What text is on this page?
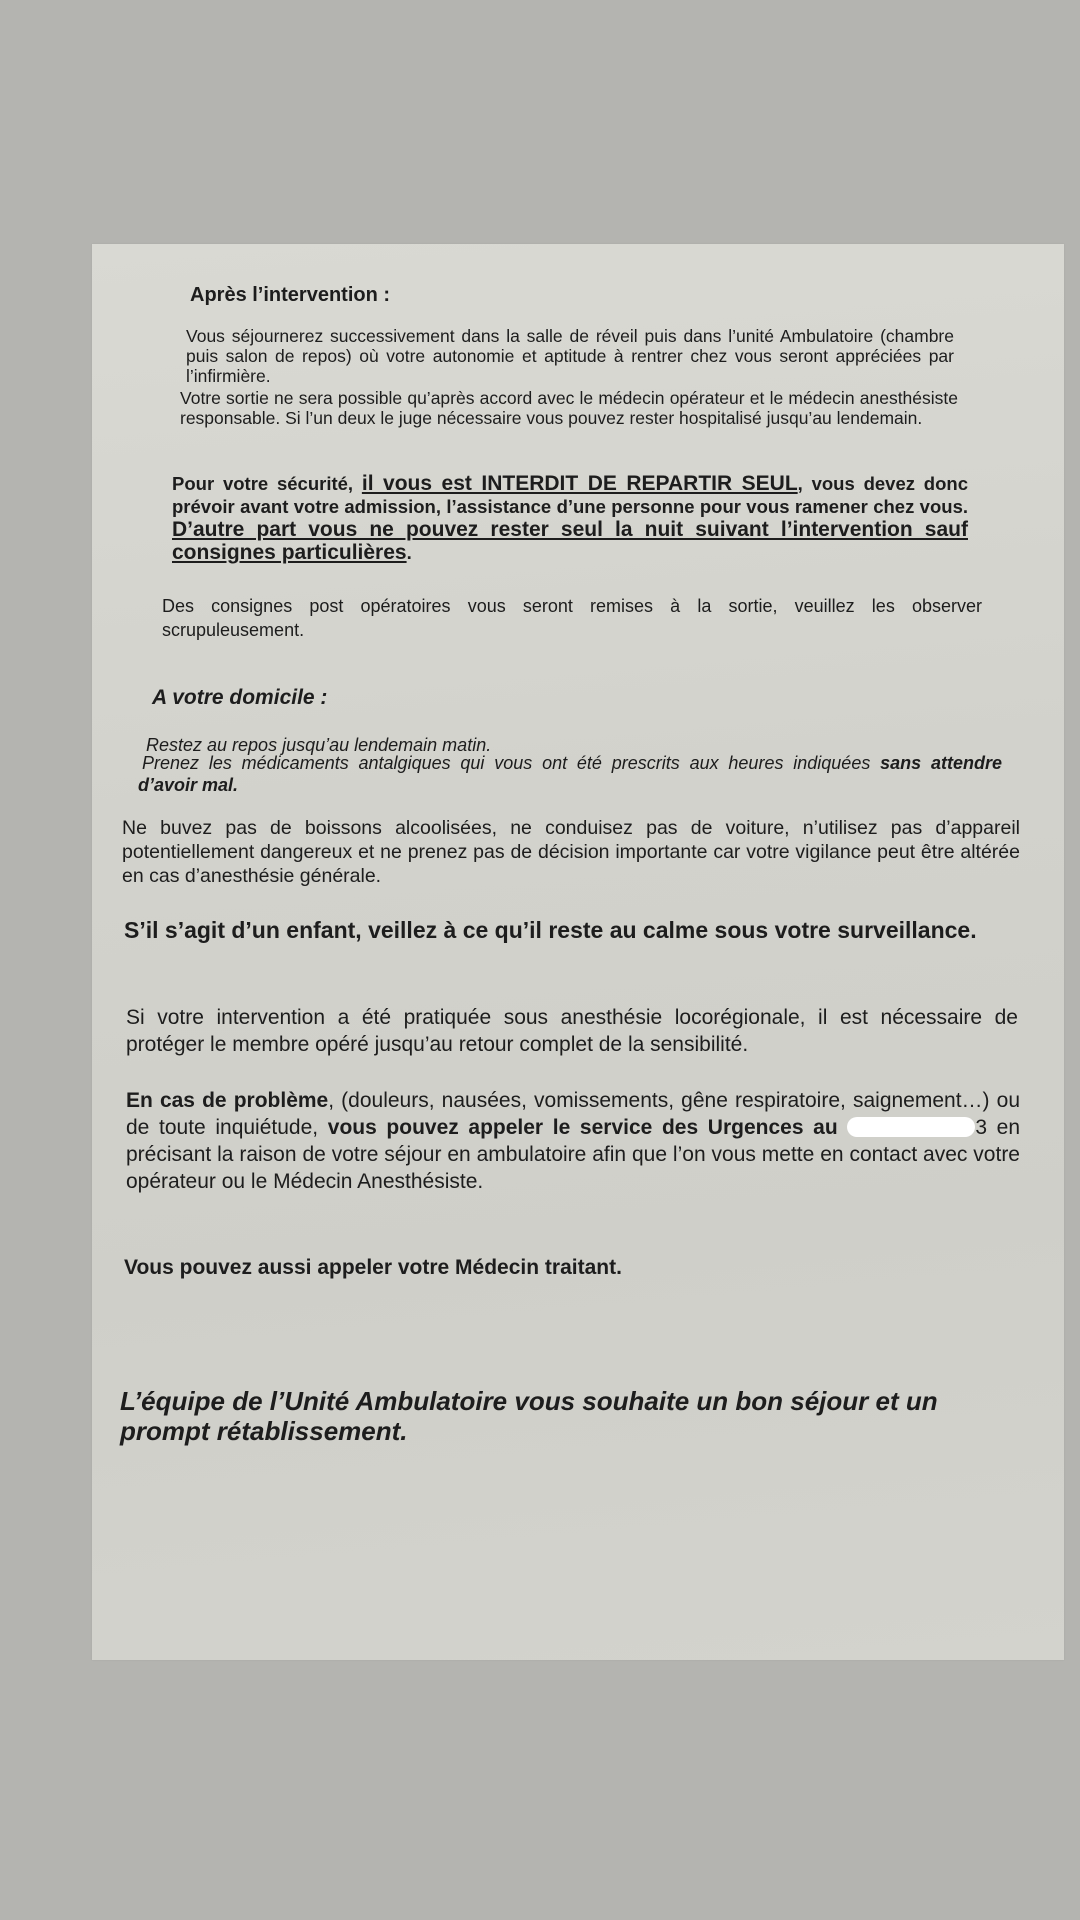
Après l’intervention :
Vous séjournerez successivement dans la salle de réveil puis dans l’unité Ambulatoire (chambre puis salon de repos) où votre autonomie et aptitude à rentrer chez vous seront appréciées par l’infirmière.
Votre sortie ne sera possible qu’après accord avec le médecin opérateur et le médecin anesthésiste responsable. Si l’un deux le juge nécessaire vous pouvez rester hospitalisé jusqu’au lendemain.
Pour votre sécurité, il vous est INTERDIT DE REPARTIR SEUL, vous devez donc prévoir avant votre admission, l’assistance d’une personne pour vous ramener chez vous. D’autre part vous ne pouvez rester seul la nuit suivant l’intervention sauf consignes particulières.
Des consignes post opératoires vous seront remises à la sortie, veuillez les observer scrupuleusement.
A votre domicile :
Restez au repos jusqu’au lendemain matin.
Prenez les médicaments antalgiques qui vous ont été prescrits aux heures indiquées sans attendre d’avoir mal.
Ne buvez pas de boissons alcoolisées, ne conduisez pas de voiture, n’utilisez pas d’appareil potentiellement dangereux et ne prenez pas de décision importante car votre vigilance peut être altérée en cas d’anesthésie générale.
S’il s’agit d’un enfant, veillez à ce qu’il reste au calme sous votre surveillance.
Si votre intervention a été pratiquée sous anesthésie locorégionale, il est nécessaire de protéger le membre opéré jusqu’au retour complet de la sensibilité.
En cas de problème, (douleurs, nausées, vomissements, gêne respiratoire, saignement…) ou de toute inquiétude, vous pouvez appeler le service des Urgences au	3 en précisant la raison de votre séjour en ambulatoire afin que l’on vous mette en contact avec votre opérateur ou le Médecin Anesthésiste.
Vous pouvez aussi appeler votre Médecin traitant.
L’équipe de l’Unité Ambulatoire vous souhaite un bon séjour et un prompt rétablissement.
